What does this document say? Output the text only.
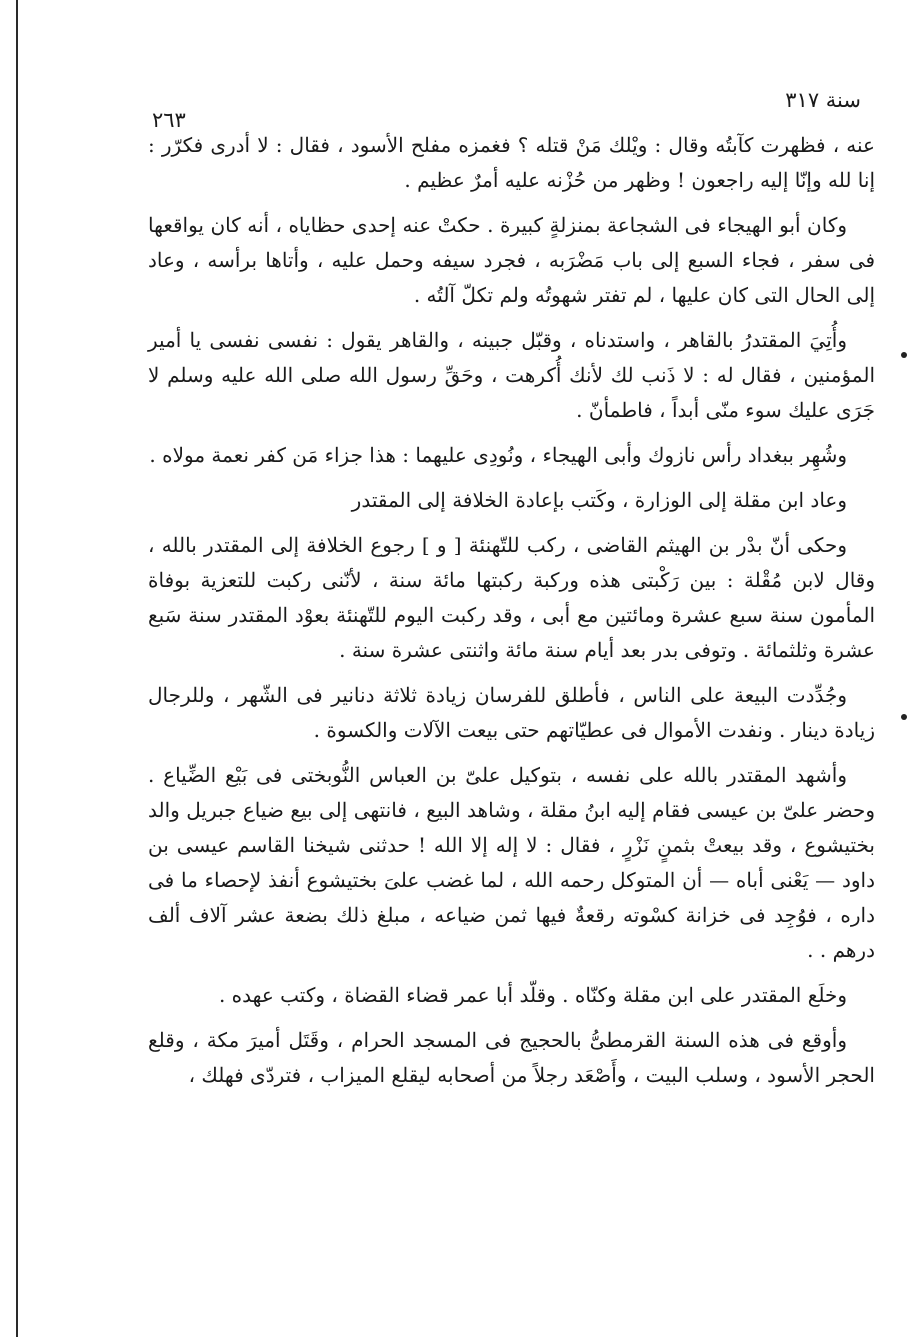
سنة ٣١٧
٢٦٣

عنه ، فظهرت كآبتُه وقال : ويْلك مَنْ قتله ؟ فغمزه مفلح الأسود ، فقال : لا أدرى فكرّر : إنا لله وإنّا إليه راجعون ! وظهر من حُزْنه عليه أمرٌ عظيم .

وكان أبو الهيجاء فى الشجاعة بمنزلةٍ كبيرة . حكتْ عنه إحدى حظاياه ، أنه كان يواقعها فى سفر ، فجاء السبع إلى باب مَضْرَبه ، فجرد سيفه وحمل عليه ، وأتاها برأسه ، وعاد إلى الحال التى كان عليها ، لم تفتر شهوتُه ولم تكلّ آلتُه .

وأُتِيَ المقتدرُ بالقاهر ، واستدناه ، وقبّل جبينه ، والقاهر يقول : نفسى نفسى يا أمير المؤمنين ، فقال له : لا ذَنب لك لأنك أُكرهت ، وحَقِّ رسول الله صلى الله عليه وسلم لا جَرَى عليك سوء منّى أبداً ، فاطمأنّ .

وشُهِر ببغداد رأس نازوك وأبى الهيجاء ، ونُودِى عليهما : هذا جزاء مَن كفر نعمة مولاه .

وعاد ابن مقلة إلى الوزارة ، وكَتب بإعادة الخلافة إلى المقتدر

وحكى أنّ بدْر بن الهيثم القاضى ، ركب للتّهنئة [ و ] رجوع الخلافة إلى المقتدر بالله ، وقال لابن مُقْلة : بين رَكْبتى هذه وركبة ركبتها مائة سنة ، لأنّنى ركبت للتعزية بوفاة المأمون سنة سبع عشرة ومائتين مع أبى ، وقد ركبت اليوم للتّهنئة بعوْد المقتدر سنة سَبع عشرة وثلثمائة . وتوفى بدر بعد أيام سنة مائة واثنتى عشرة سنة .

وجُدِّدت البيعة على الناس ، فأطلق للفرسان زيادة ثلاثة دنانير فى الشّهر ، وللرجال زيادة دينار . ونفدت الأموال فى عطيّاتهم حتى بيعت الآلات والكسوة .

وأشهد المقتدر بالله على نفسه ، بتوكيل علىّ بن العباس النُّوبختى فى بَيْع الضِّياع . وحضر علىّ بن عيسى فقام إليه ابنُ مقلة ، وشاهد البيع ، فانتهى إلى بيع ضياع جبريل والد بختيشوع ، وقد بيعتْ بثمنٍ نَزْرٍ ، فقال : لا إله إلا الله ! حدثنى شيخنا القاسم عيسى بن داود — يَعْنى أباه — أن المتوكل رحمه الله ، لما غضب علىَ بختيشوع أنفذ لإحصاء ما فى داره ، فوُجِد فى خزانة كسْوته رقعةٌ فيها ثمن ضياعه ، مبلغ ذلك بضعة عشر آلاف ألف درهم . .

وخلَع المقتدر على ابن مقلة وكنّاه . وقلّد أبا عمر قضاء القضاة ، وكتب عهده .

وأوقع فى هذه السنة القرمطىُّ بالحجيج فى المسجد الحرام ، وقَتَل أميرَ مكة ، وقلع الحجر الأسود ، وسلب البيت ، وأَصْعَد رجلاً من أصحابه ليقلع الميزاب ، فتردّى فهلك ،
